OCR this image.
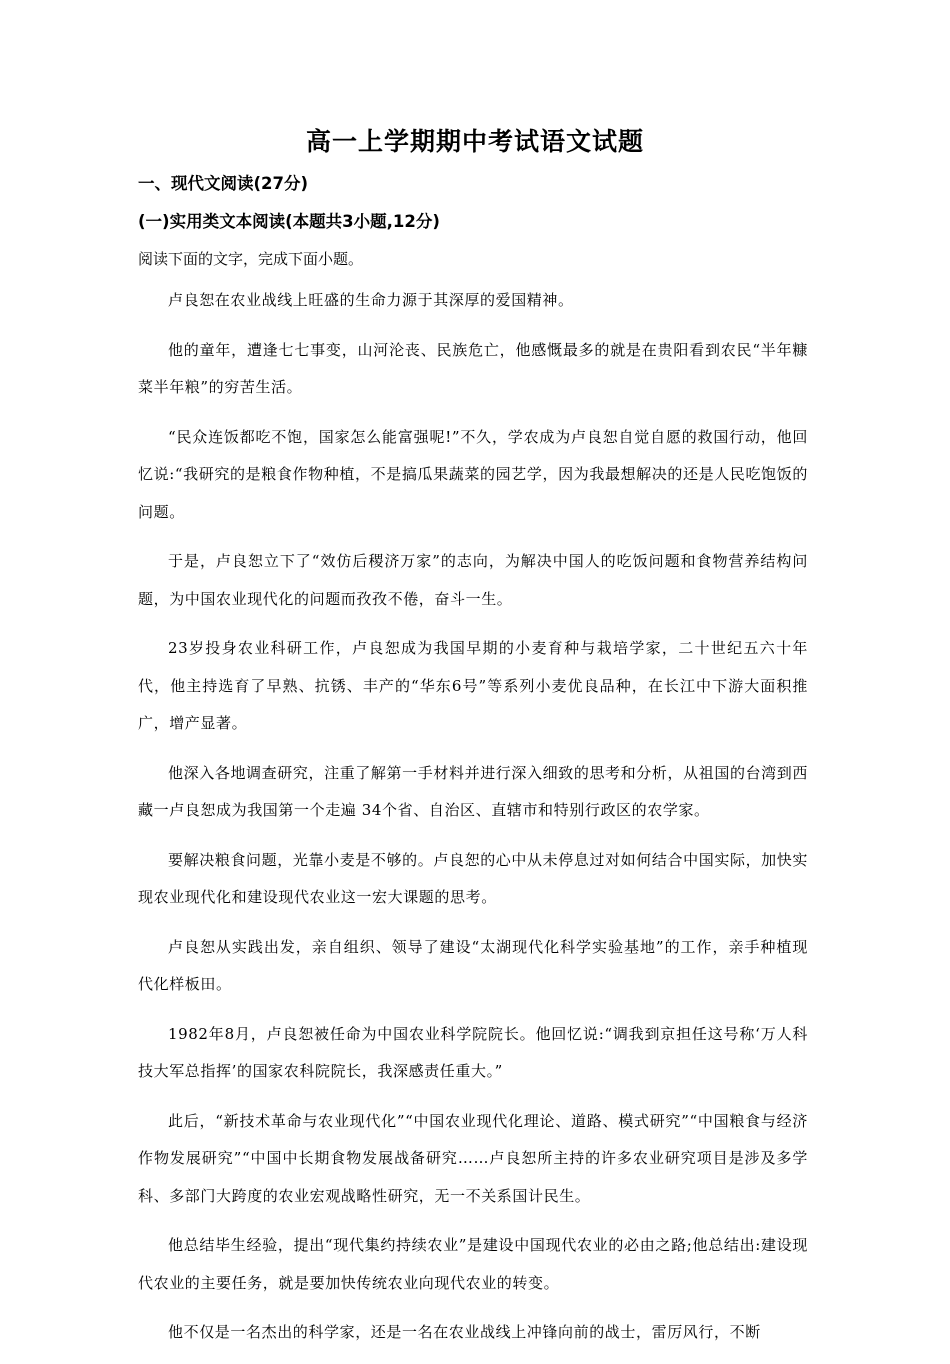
高一上学期期中考试语文试题
一、现代文阅读(27分)
(一)实用类文本阅读(本题共3小题,12分)
阅读下面的文字，完成下面小题。

卢良恕在农业战线上旺盛的生命力源于其深厚的爱国精神。

他的童年，遭逢七七事变，山河沦丧、民族危亡，他感慨最多的就是在贵阳看到农民“半年糠菜半年粮”的穷苦生活。

“民众连饭都吃不饱，国家怎么能富强呢!”不久，学农成为卢良恕自觉自愿的救国行动，他回忆说:“我研究的是粮食作物种植，不是搞瓜果蔬菜的园艺学，因为我最想解决的还是人民吃饱饭的问题。

于是，卢良恕立下了“效仿后稷济万家”的志向，为解决中国人的吃饭问题和食物营养结构问题，为中国农业现代化的问题而孜孜不倦，奋斗一生。

23岁投身农业科研工作，卢良恕成为我国早期的小麦育种与栽培学家，二十世纪五六十年代，他主持选育了早熟、抗锈、丰产的“华东6号”等系列小麦优良品种，在长江中下游大面积推广，增产显著。

他深入各地调查研究，注重了解第一手材料并进行深入细致的思考和分析，从祖国的台湾到西藏一卢良恕成为我国第一个走遍 34个省、自治区、直辖市和特别行政区的农学家。

要解决粮食问题，光靠小麦是不够的。卢良恕的心中从未停息过对如何结合中国实际，加快实现农业现代化和建设现代农业这一宏大课题的思考。

卢良恕从实践出发，亲自组织、领导了建设“太湖现代化科学实验基地”的工作，亲手种植现代化样板田。

1982年8月，卢良恕被任命为中国农业科学院院长。他回忆说:“调我到京担任这号称‘万人科技大军总指挥’的国家农科院院长，我深感责任重大。”

此后，“新技术革命与农业现代化”“中国农业现代化理论、道路、模式研究”“中国粮食与经济作物发展研究”“中国中长期食物发展战备研究……卢良恕所主持的许多农业研究项目是涉及多学科、多部门大跨度的农业宏观战略性研究，无一不关系国计民生。

他总结毕生经验，提出“现代集约持续农业”是建设中国现代农业的必由之路;他总结出:建设现代农业的主要任务，就是要加快传统农业向现代农业的转变。

他不仅是一名杰出的科学家，还是一名在农业战线上冲锋向前的战士，雷厉风行，不断
